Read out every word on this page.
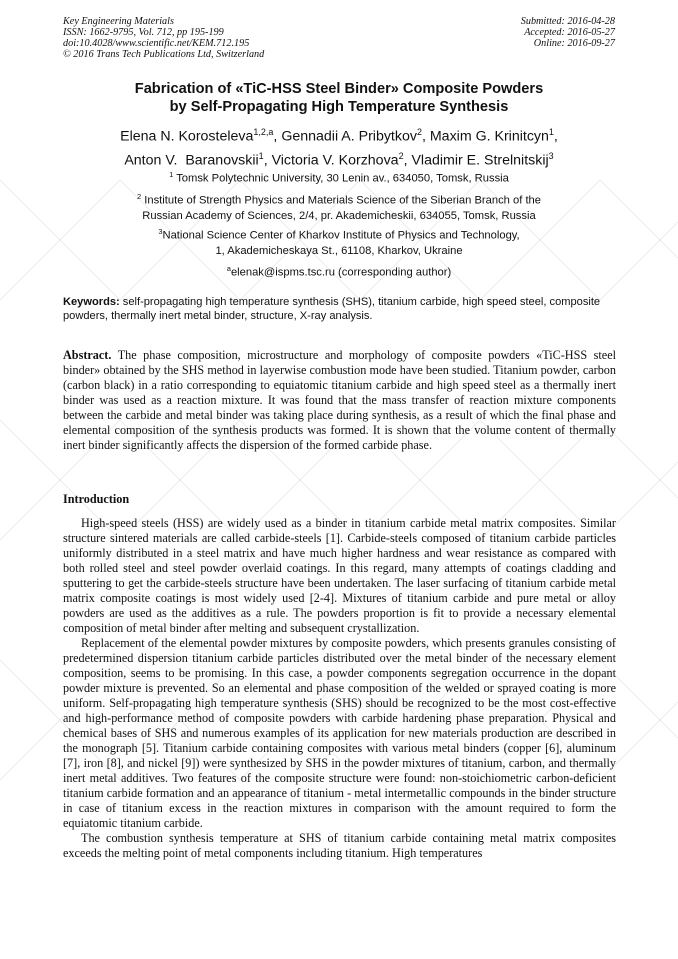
Key Engineering Materials
ISSN: 1662-9795, Vol. 712, pp 195-199
doi:10.4028/www.scientific.net/KEM.712.195
© 2016 Trans Tech Publications Ltd, Switzerland
Submitted: 2016-04-28
Accepted: 2016-05-27
Online: 2016-09-27
Fabrication of «TiC-HSS Steel Binder» Composite Powders
by Self-Propagating High Temperature Synthesis
Elena N. Korosteleva$^{1,2,a}$, Gennadii A. Pribytkov$^2$, Maxim G. Krinitcyn$^1$,
Anton V.  Baranovskii$^1$, Victoria V. Korzhova$^2$, Vladimir E. Strelnitskij$^3$
$^1$ Tomsk Polytechnic University, 30 Lenin av., 634050, Tomsk, Russia
$^2$ Institute of Strength Physics and Materials Science of the Siberian Branch of the
Russian Academy of Sciences, 2/4, pr. Akademicheskii, 634055, Tomsk, Russia
$^3$National Science Center of Kharkov Institute of Physics and Technology,
1, Akademicheskaya St., 61108, Kharkov, Ukraine
$^a$elenak@ispms.tsc.ru (corresponding author)
Keywords: self-propagating high temperature synthesis (SHS), titanium carbide, high speed steel, composite powders, thermally inert metal binder, structure, X-ray analysis.

Abstract. The phase composition, microstructure and morphology of composite powders «TiC-HSS steel binder» obtained by the SHS method in layerwise combustion mode have been studied. Titanium powder, carbon (carbon black) in a ratio corresponding to equiatomic titanium carbide and high speed steel as a thermally inert binder was used as a reaction mixture. It was found that the mass transfer of reaction mixture components between the carbide and metal binder was taking place during synthesis, as a result of which the final phase and elemental composition of the synthesis products was formed. It is shown that the volume content of thermally inert binder significantly affects the dispersion of the formed carbide phase.

Introduction

High-speed steels (HSS) are widely used as a binder in titanium carbide metal matrix composites. Similar structure sintered materials are called carbide-steels [1]. Carbide-steels composed of titanium carbide particles uniformly distributed in a steel matrix and have much higher hardness and wear resistance as compared with both rolled steel and steel powder overlaid coatings. In this regard, many attempts of coatings cladding and sputtering to get the carbide-steels structure have been undertaken. The laser surfacing of titanium carbide metal matrix composite coatings is most widely used [2-4]. Mixtures of titanium carbide and pure metal or alloy powders are used as the additives as a rule. The powders proportion is fit to provide a necessary elemental composition of metal binder after melting and subsequent crystallization.

Replacement of the elemental powder mixtures by composite powders, which presents granules consisting of predetermined dispersion titanium carbide particles distributed over the metal binder of the necessary element composition, seems to be promising. In this case, a powder components segregation occurrence in the dopant powder mixture is prevented. So an elemental and phase composition of the welded or sprayed coating is more uniform. Self-propagating high temperature synthesis (SHS) should be recognized to be the most cost-effective and high-performance method of composite powders with carbide hardening phase preparation. Physical and chemical bases of SHS and numerous examples of its application for new materials production are described in the monograph [5]. Titanium carbide containing composites with various metal binders (copper [6], aluminum [7], iron [8], and nickel [9]) were synthesized by SHS in the powder mixtures of titanium, carbon, and thermally inert metal additives. Two features of the composite structure were found: non-stoichiometric carbon-deficient titanium carbide formation and an appearance of titanium - metal intermetallic compounds in the binder structure in case of titanium excess in the reaction mixtures in comparison with the amount required to form the equiatomic titanium carbide.

The combustion synthesis temperature at SHS of titanium carbide containing metal matrix composites exceeds the melting point of metal components including titanium. High temperatures
